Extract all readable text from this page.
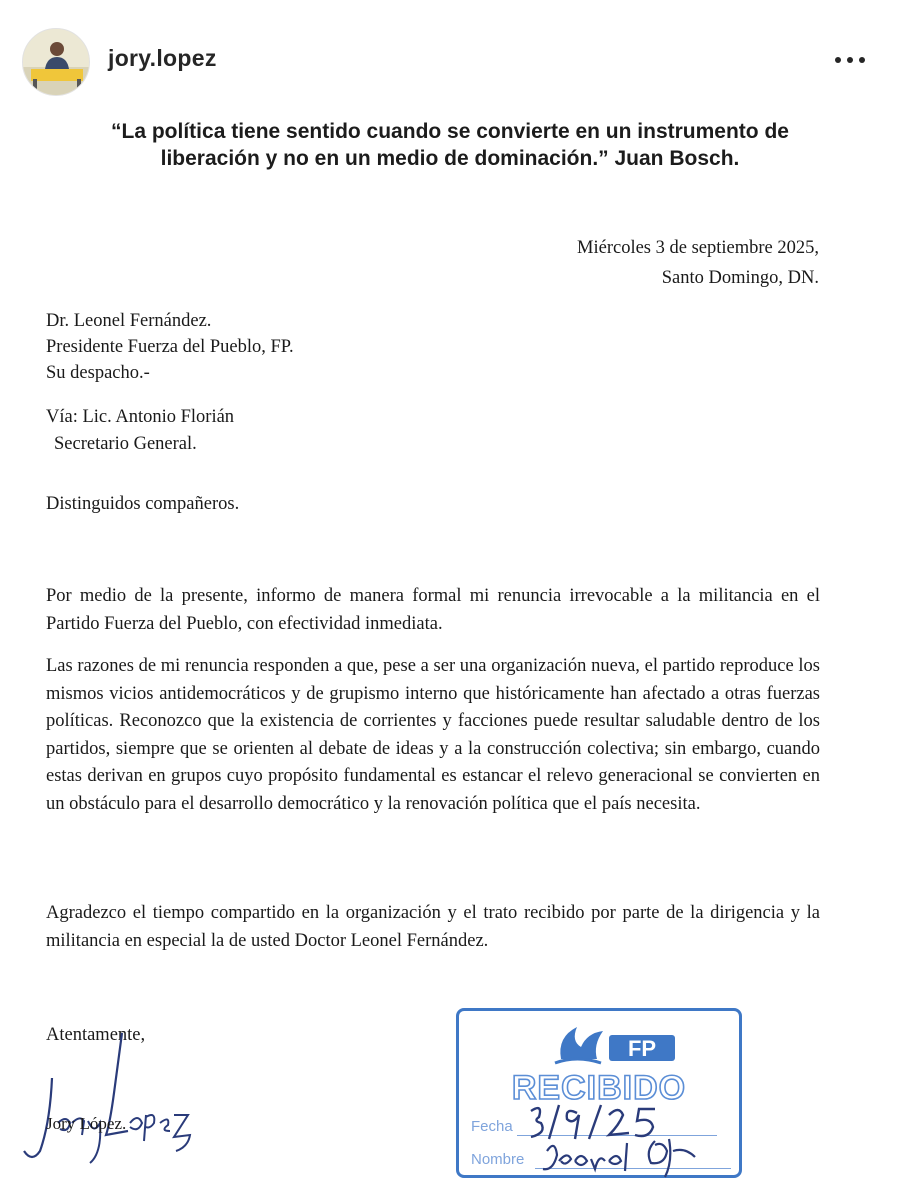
jory.lopez
“La política tiene sentido cuando se convierte en un instrumento de
liberación y no en un medio de dominación.” Juan Bosch.
Miércoles 3 de septiembre 2025,
Santo Domingo, DN.
Dr. Leonel Fernández.
Presidente Fuerza del Pueblo, FP.
Su despacho.-
Vía: Lic. Antonio Florián
Secretario General.
Distinguidos compañeros.
Por medio de la presente, informo de manera formal mi renuncia irrevocable a la militancia en el Partido Fuerza del Pueblo, con efectividad inmediata.
Las razones de mi renuncia responden a que, pese a ser una organización nueva, el partido reproduce los mismos vicios antidemocráticos y de grupismo interno que históricamente han afectado a otras fuerzas políticas. Reconozco que la existencia de corrientes y facciones puede resultar saludable dentro de los partidos, siempre que se orienten al debate de ideas y a la construcción colectiva; sin embargo, cuando estas derivan en grupos cuyo propósito fundamental es estancar el relevo generacional se convierten en un obstáculo para el desarrollo democrático y la renovación política que el país necesita.
Agradezco el tiempo compartido en la organización y el trato recibido por parte de la dirigencia y la militancia en especial la de usted Doctor Leonel Fernández.
Atentamente,
Jory López.
FP
RECIBIDO
Fecha
Nombre
